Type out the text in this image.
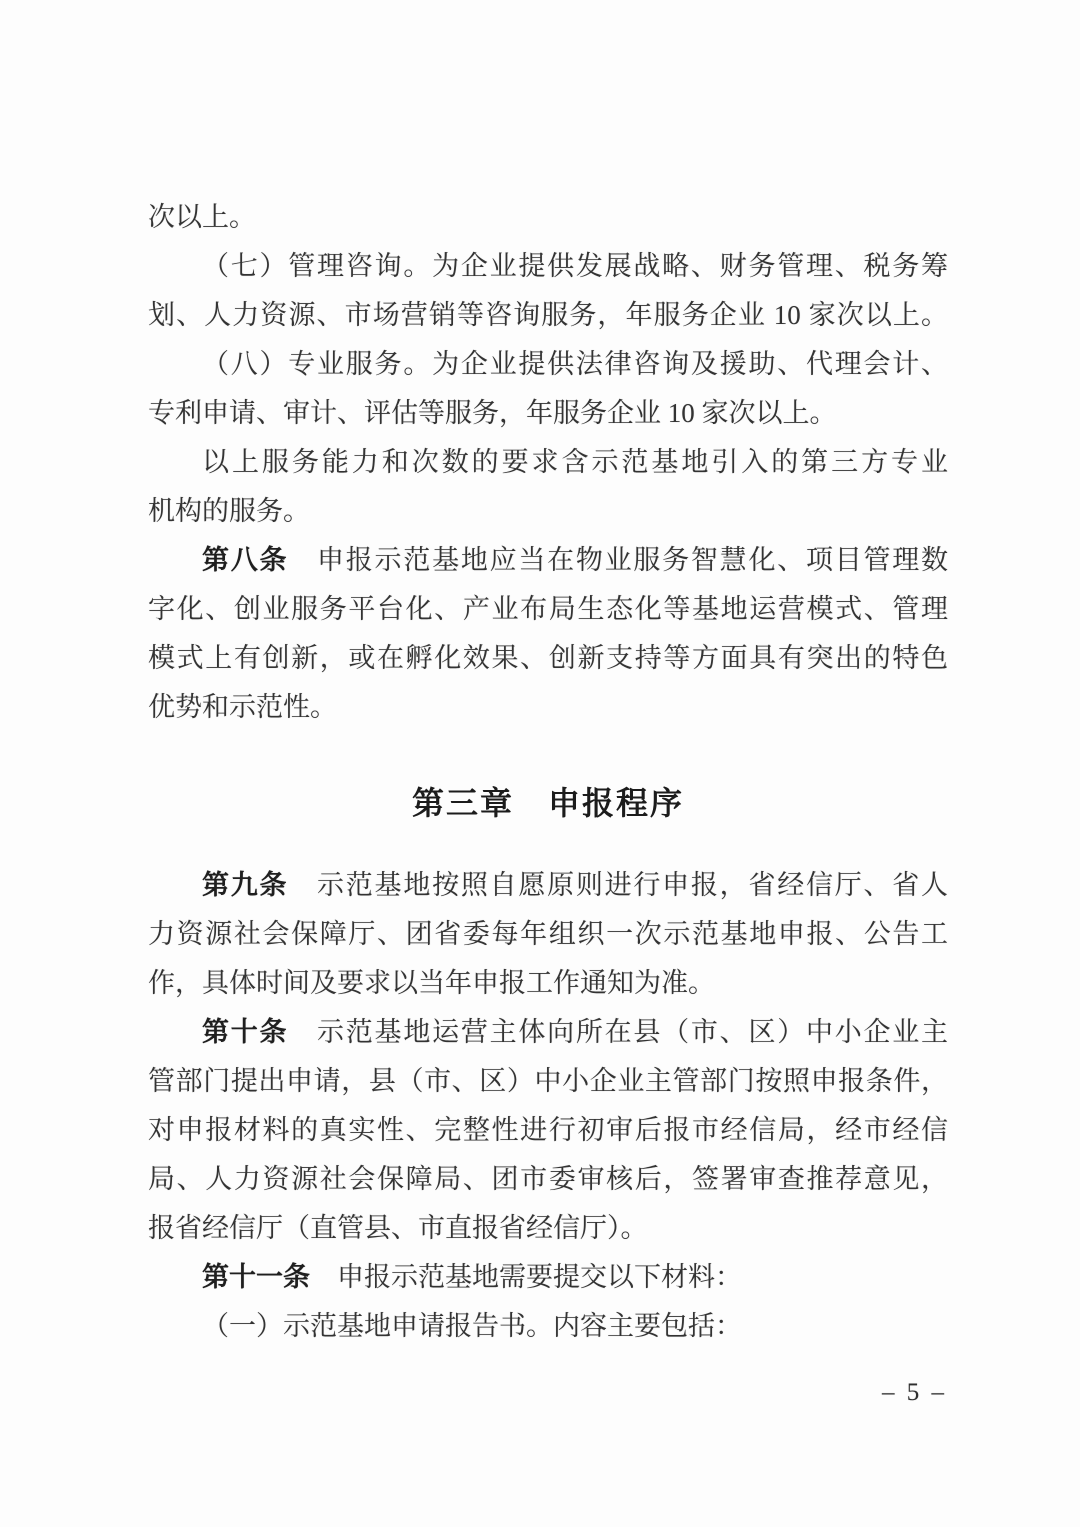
次以上。
（七）管理咨询。为企业提供发展战略、财务管理、税务筹
划、人力资源、市场营销等咨询服务，年服务企业 10 家次以上。
（八）专业服务。为企业提供法律咨询及援助、代理会计、
专利申请、审计、评估等服务，年服务企业 10 家次以上。
以上服务能力和次数的要求含示范基地引入的第三方专业
机构的服务。
第八条　申报示范基地应当在物业服务智慧化、项目管理数
字化、创业服务平台化、产业布局生态化等基地运营模式、管理
模式上有创新，或在孵化效果、创新支持等方面具有突出的特色
优势和示范性。
第三章　申报程序
第九条　示范基地按照自愿原则进行申报，省经信厅、省人
力资源社会保障厅、团省委每年组织一次示范基地申报、公告工
作，具体时间及要求以当年申报工作通知为准。
第十条　示范基地运营主体向所在县（市、区）中小企业主
管部门提出申请，县（市、区）中小企业主管部门按照申报条件，
对申报材料的真实性、完整性进行初审后报市经信局，经市经信
局、人力资源社会保障局、团市委审核后，签署审查推荐意见，
报省经信厅（直管县、市直报省经信厅）。
第十一条　申报示范基地需要提交以下材料：
（一）示范基地申请报告书。内容主要包括：
– 5 –
